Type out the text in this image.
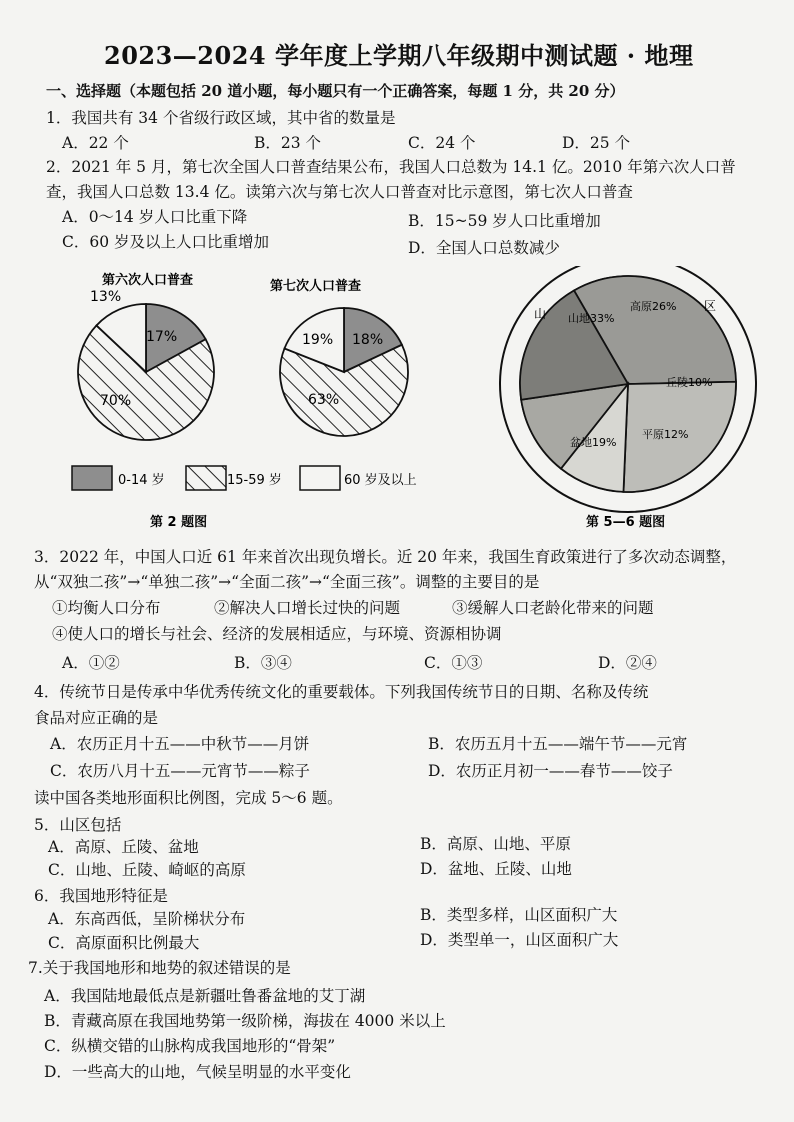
2023—2024 学年度上学期八年级期中测试题 · 地理
一、选择题（本题包括 20 道小题，每小题只有一个正确答案，每题 1 分，共 20 分）
1．我国共有 34 个省级行政区域，其中省的数量是
A．22 个	B．23 个	C．24 个	D．25 个
2．2021 年 5 月，第七次全国人口普查结果公布，我国人口总数为 14.1 亿。2010 年第六次人口普
查，我国人口总数 13.4 亿。读第六次与第七次人口普查对比示意图，第七次人口普查
A．0～14 岁人口比重下降	B．15~59 岁人口比重增加
C．60 岁及以上人口比重增加	D．全国人口总数减少
第六次人口普查	第七次人口普查
13%
17%
70%
19% 18%
63%
0-14 岁	15-59 岁	60 岁及以上
第 2 题图
山
区
山地33%
高原26%
丘陵10%
平原12%
盆地19%
第 5—6 题图
3．2022 年，中国人口近 61 年来首次出现负增长。近 20 年来，我国生育政策进行了多次动态调整，
从“双独二孩”→“单独二孩”→“全面二孩”→“全面三孩”。调整的主要目的是
①均衡人口分布	②解决人口增长过快的问题	③缓解人口老龄化带来的问题
④使人口的增长与社会、经济的发展相适应，与环境、资源相协调
A．①②	B．③④	C．①③	D．②④
4．传统节日是传承中华优秀传统文化的重要载体。下列我国传统节日的日期、名称及传统
食品对应正确的是
A．农历正月十五——中秋节——月饼	B．农历五月十五——端午节——元宵
C．农历八月十五——元宵节——粽子	D．农历正月初一——春节——饺子
读中国各类地形面积比例图，完成 5～6 题。
5．山区包括
A．高原、丘陵、盆地	B．高原、山地、平原
C．山地、丘陵、崎岖的高原	D．盆地、丘陵、山地
6．我国地形特征是
A．东高西低，呈阶梯状分布	B．类型多样，山区面积广大
C．高原面积比例最大	D．类型单一，山区面积广大
7.关于我国地形和地势的叙述错误的是
A．我国陆地最低点是新疆吐鲁番盆地的艾丁湖
B．青藏高原在我国地势第一级阶梯，海拔在 4000 米以上
C．纵横交错的山脉构成我国地形的“骨架”
D．一些高大的山地，气候呈明显的水平变化
